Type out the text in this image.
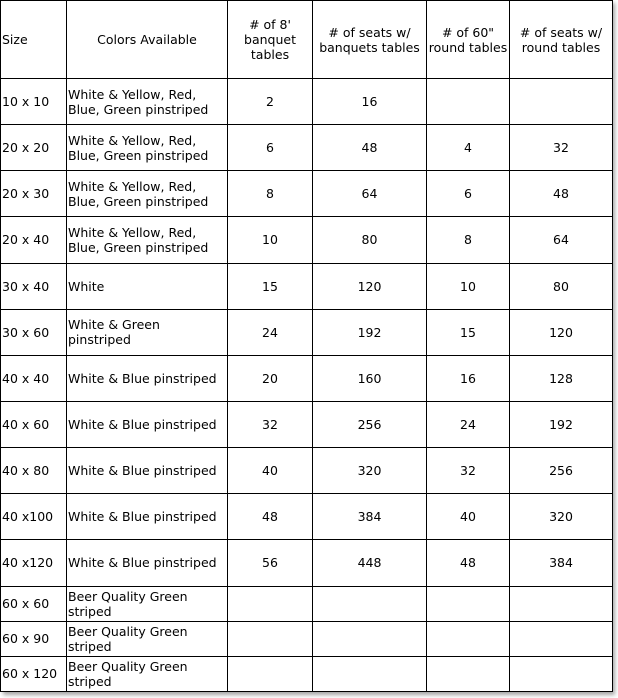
Size	Colors Available	# of 8' banquet tables	# of seats w/ banquets tables	# of 60" round tables	# of seats w/ round tables
10 x 10	White & Yellow, Red, Blue, Green pinstriped	2	16		
20 x 20	White & Yellow, Red, Blue, Green pinstriped	6	48	4	32
20 x 30	White & Yellow, Red, Blue, Green pinstriped	8	64	6	48
20 x 40	White & Yellow, Red, Blue, Green pinstriped	10	80	8	64
30 x 40	White	15	120	10	80
30 x 60	White & Green pinstriped	24	192	15	120
40 x 40	White & Blue pinstriped	20	160	16	128
40 x 60	White & Blue pinstriped	32	256	24	192
40 x 80	White & Blue pinstriped	40	320	32	256
40 x100	White & Blue pinstriped	48	384	40	320
40 x120	White & Blue pinstriped	56	448	48	384
60 x 60	Beer Quality Green striped				
60 x 90	Beer Quality Green striped				
60 x 120	Beer Quality Green striped				
